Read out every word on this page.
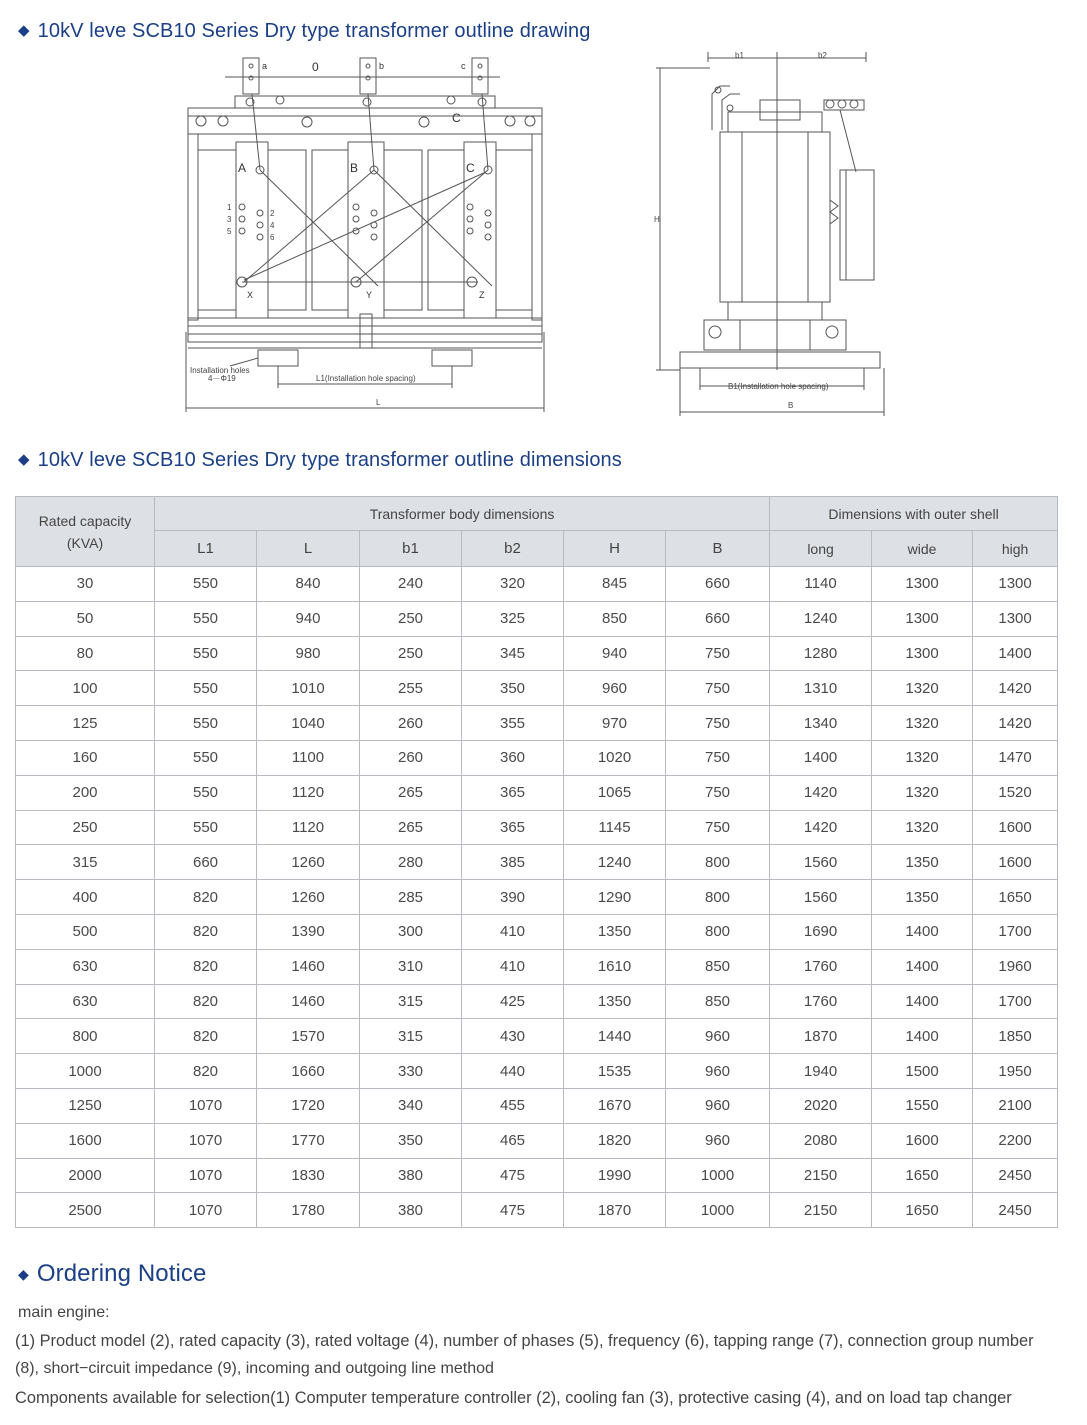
◆ 10kV leve SCB10 Series Dry type transformer outline drawing
a	0	b	c
A	B	C
C
X	Y	Z
1
3
5
2
4
6
Installation holes
4－Φ19	L1(Installation hole spacing)
L
b1	b2
H
B1(Installation hole spacing)
B
◆ 10kV leve SCB10 Series Dry type transformer outline dimensions
Rated capacity
(KVA)	Transformer body dimensions						Dimensions with outer shell		
	L1	L	b1	b2	H	B	long	wide	high
30	550	840	240	320	845	660	1140	1300	1300
50	550	940	250	325	850	660	1240	1300	1300
80	550	980	250	345	940	750	1280	1300	1400
100	550	1010	255	350	960	750	1310	1320	1420
125	550	1040	260	355	970	750	1340	1320	1420
160	550	1100	260	360	1020	750	1400	1320	1470
200	550	1120	265	365	1065	750	1420	1320	1520
250	550	1120	265	365	1145	750	1420	1320	1600
315	660	1260	280	385	1240	800	1560	1350	1600
400	820	1260	285	390	1290	800	1560	1350	1650
500	820	1390	300	410	1350	800	1690	1400	1700
630	820	1460	310	410	1610	850	1760	1400	1960
630	820	1460	315	425	1350	850	1760	1400	1700
800	820	1570	315	430	1440	960	1870	1400	1850
1000	820	1660	330	440	1535	960	1940	1500	1950
1250	1070	1720	340	455	1670	960	2020	1550	2100
1600	1070	1770	350	465	1820	960	2080	1600	2200
2000	1070	1830	380	475	1990	1000	2150	1650	2450
2500	1070	1780	380	475	1870	1000	2150	1650	2450
◆ Ordering Notice
main engine:
(1) Product model (2), rated capacity (3), rated voltage (4), number of phases (5), frequency (6), tapping range (7), connection group number
(8), short−circuit impedance (9), incoming and outgoing line method
Components available for selection(1) Computer temperature controller (2), cooling fan (3), protective casing (4), and on load tap changer
